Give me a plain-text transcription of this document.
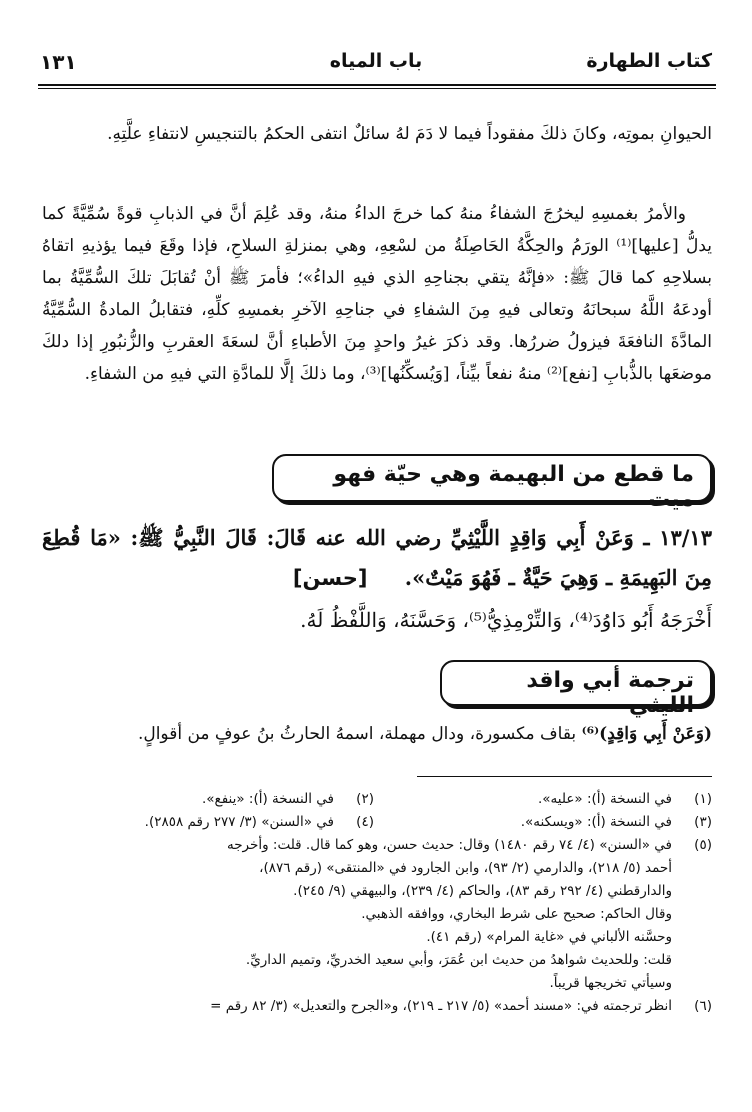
كتاب الطهارة
باب المياه
١٣١

الحيوانِ بموتِه، وكانَ ذلكَ مفقوداً فيما لا دَمَ لهُ سائلٌ انتفى الحكمُ بالتنجيسِ لانتفاءِ علَّتِهِ.

والأمرُ بغمسِهِ ليخرُجَ الشفاءُ منهُ كما خرجَ الداءُ منهُ، وقد عُلِمَ أنَّ في الذبابِ قوةً سُمِّيَّةً كما يدلُّ [عليها]⁽¹⁾ الورَمُ والحِكَّةُ الحَاصِلَةُ من لسْعِهِ، وهي بمنزلةِ السلاحِ، فإذا وقَعَ فيما يؤذيهِ اتقاهُ بسلاحِهِ كما قالَ ﷺ: «فإنَّهُ يتقي بجناحِهِ الذي فيهِ الداءُ»؛ فأمرَ ﷺ أنْ تُقابَلَ تلكَ السُّمِّيَّةُ بما أودعَهُ اللَّهُ سبحانَهُ وتعالى فيهِ مِنَ الشفاءِ في جناحِهِ الآخرِ بغمسِهِ كلِّهِ، فتقابلُ المادةُ السُّمِّيَّةُ المادَّةَ النافعَةَ فيزولُ ضررُها. وقد ذكرَ غيرُ واحدٍ مِنَ الأطباءِ أنَّ لسعَةَ العقربِ والزُّنبُورِ إذا دلكَ موضعَها بالذُّبابِ [نفع]⁽²⁾ منهُ نفعاً بيِّناً، [وَيُسكِّنُها]⁽³⁾، وما ذلكَ إلَّا للمادَّةِ التي فيهِ من الشفاءِ.

ما قطع من البهيمة وهي حيّة فهو ميت
١٣/١٣ ـ وَعَنْ أَبِي وَاقِدٍ اللَّيْثِيِّ رضي الله عنه قَالَ: قَالَ النَّبِيُّ ﷺ: «مَا قُطِعَ مِنَ البَهِيمَةِ ـ وَهِيَ حَيَّةٌ ـ فَهُوَ مَيْتٌ». [حسن]
أَخْرَجَهُ أَبُو دَاوُدَ⁽⁴⁾، وَالتِّرْمِذِيُّ⁽⁵⁾، وَحَسَّنَهُ، وَاللَّفْظُ لَهُ.
ترجمة أبي واقد الليثي
(وَعَنْ أَبِي وَاقِدٍ)⁽⁶⁾ بقاف مكسورة، ودال مهملة، اسمهُ الحارثُ بنُ عوفٍ من أقوالٍ.
(١)
في النسخة (أ): «عليه».
(٢)
في النسخة (أ): «ينفع».
(٣)
في النسخة (أ): «ويسكنه».
(٤)
في «السنن» (٣/ ٢٧٧ رقم ٢٨٥٨).
(٥)
في «السنن» (٤/ ٧٤ رقم ١٤٨٠) وقال: حديث حسن، وهو كما قال. قلت: وأخرجه
أحمد (٥/ ٢١٨)، والدارمي (٢/ ٩٣)، وابن الجارود في «المنتقى» (رقم ٨٧٦)،
والدارقطني (٤/ ٢٩٢ رقم ٨٣)، والحاكم (٤/ ٢٣٩)، والبيهقي (٩/ ٢٤٥).
وقال الحاكم: صحيح على شرط البخاري، ووافقه الذهبي.
وحسَّنه الألباني في «غاية المرام» (رقم ٤١).
قلت: وللحديث شواهدُ من حديث ابن عُمَرَ، وأبي سعيد الخدريِّ، وتميم الداريِّ.
وسيأتي تخريجها قريباً.
(٦)
انظر ترجمته في: «مسند أحمد» (٥/ ٢١٧ ـ ٢١٩)، و«الجرح والتعديل» (٣/ ٨٢ رقم =
